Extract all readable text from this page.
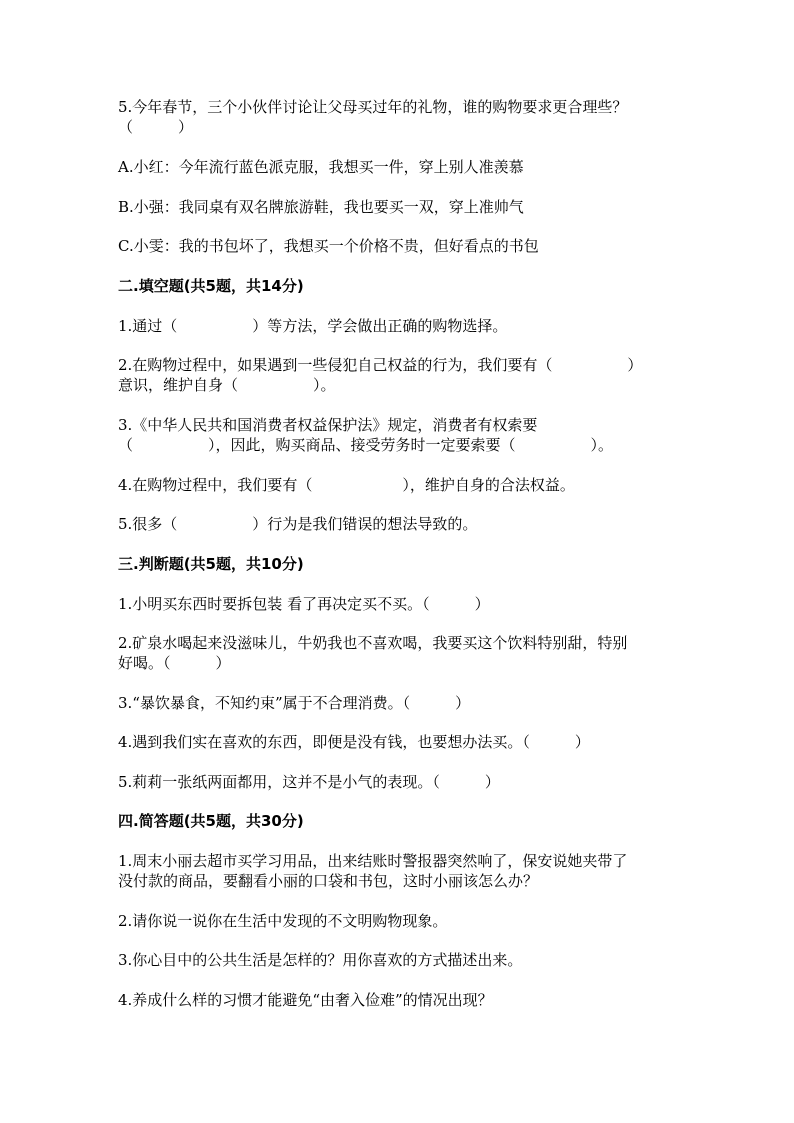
5.今年春节，三个小伙伴讨论让父母买过年的礼物，谁的购物要求更合理些？
（　　　）
A.小红：今年流行蓝色派克服，我想买一件，穿上别人准羡慕
B.小强：我同桌有双名牌旅游鞋，我也要买一双，穿上准帅气
C.小雯：我的书包坏了，我想买一个价格不贵，但好看点的书包
二.填空题(共5题，共14分)
1.通过（　　　　　）等方法，学会做出正确的购物选择。
2.在购物过程中，如果遇到一些侵犯自己权益的行为，我们要有（　　　　　）
意识，维护自身（　　　　　）。
3.《中华人民共和国消费者权益保护法》规定，消费者有权索要
（　　　　　），因此，购买商品、接受劳务时一定要索要（　　　　　）。
4.在购物过程中，我们要有（　　　　　　），维护自身的合法权益。
5.很多（　　　　　）行为是我们错误的想法导致的。
三.判断题(共5题，共10分)
1.小明买东西时要拆包装 看了再决定买不买。（　　　）
2.矿泉水喝起来没滋味儿，牛奶我也不喜欢喝，我要买这个饮料特别甜，特别
好喝。（　　　）
3.“暴饮暴食，不知约束”属于不合理消费。（　　　）
4.遇到我们实在喜欢的东西，即便是没有钱，也要想办法买。（　　　）
5.莉莉一张纸两面都用，这并不是小气的表现。（　　　）
四.简答题(共5题，共30分)
1.周末小丽去超市买学习用品，出来结账时警报器突然响了，保安说她夹带了
没付款的商品，要翻看小丽的口袋和书包，这时小丽该怎么办？
2.请你说一说你在生活中发现的不文明购物现象。
3.你心目中的公共生活是怎样的？用你喜欢的方式描述出来。
4.养成什么样的习惯才能避免“由奢入俭难”的情况出现？
